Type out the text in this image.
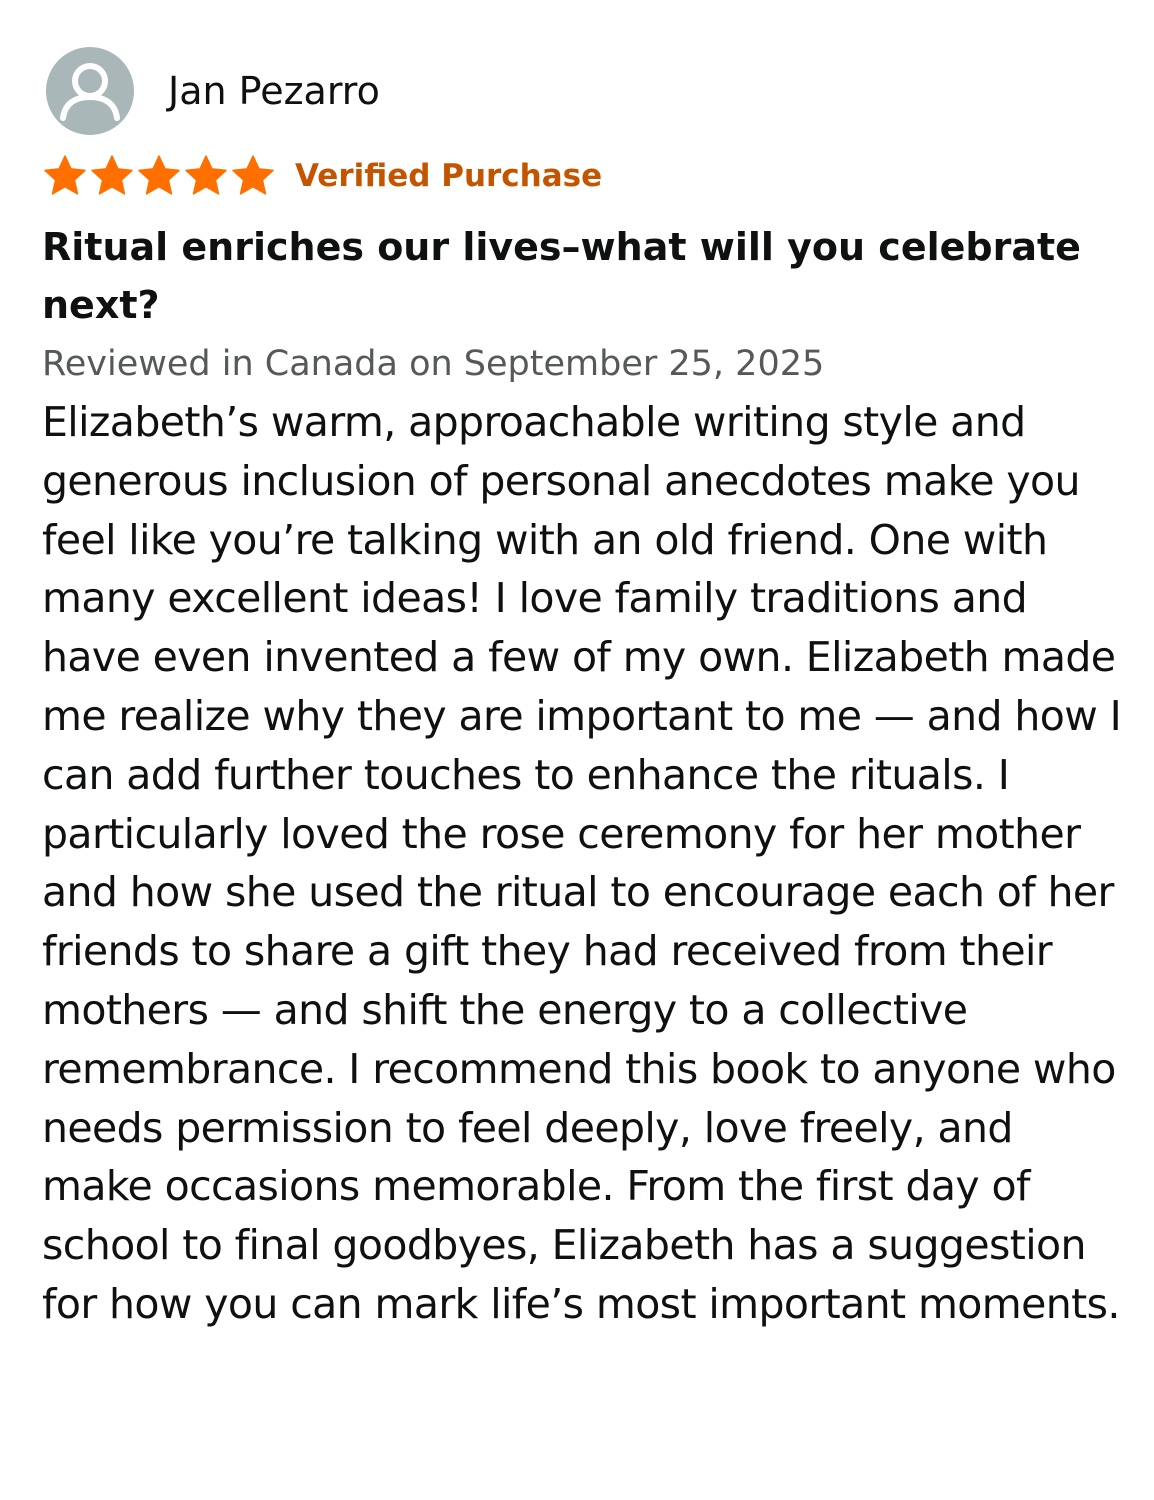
Jan Pezarro
Verified Purchase
Ritual enriches our lives–what will you celebrate next?
Reviewed in Canada on September 25, 2025

Elizabeth’s warm, approachable writing style and generous inclusion of personal anecdotes make you feel like you’re talking with an old friend. One with many excellent ideas! I love family traditions and have even invented a few of my own. Elizabeth made me realize why they are important to me — and how I can add further touches to enhance the rituals. I particularly loved the rose ceremony for her mother and how she used the ritual to encourage each of her friends to share a gift they had received from their mothers — and shift the energy to a collective remembrance. I recommend this book to anyone who needs permission to feel deeply, love freely, and make occasions memorable. From the first day of school to final goodbyes, Elizabeth has a suggestion for how you can mark life’s most important moments.
